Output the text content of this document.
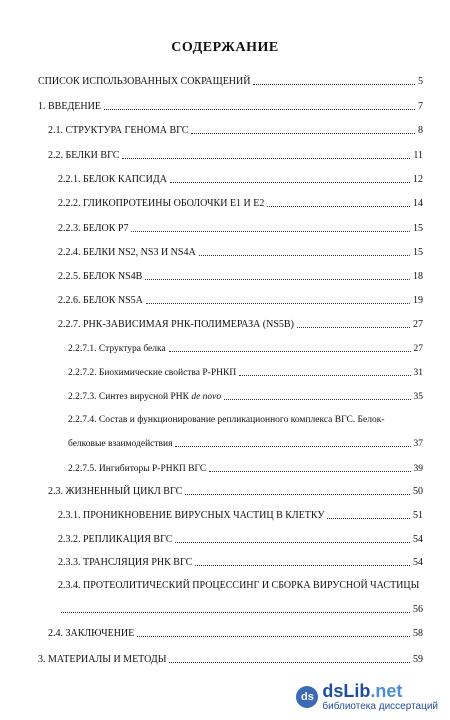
СОДЕРЖАНИЕ
СПИСОК ИСПОЛЬЗОВАННЫХ СОКРАЩЕНИЙ	5
1. ВВЕДЕНИЕ	7
2.1. СТРУКТУРА ГЕНОМА ВГС	8
2.2. БЕЛКИ ВГС	11
2.2.1. БЕЛОК КАПСИДА	12
2.2.2. ГЛИКОПРОТЕИНЫ ОБОЛОЧКИ Е1 И Е2	14
2.2.3. БЕЛОК Р7	15
2.2.4. БЕЛКИ NS2, NS3 И NS4A	15
2.2.5. БЕЛОК NS4B	18
2.2.6. БЕЛОК NS5A	19
2.2.7. РНК-ЗАВИСИМАЯ РНК-ПОЛИМЕРАЗА (NS5B)	27
2.2.7.1. Структура белка	27
2.2.7.2. Биохимические свойства Р-РНКП	31
2.2.7.3. Синтез вирусной РНК de novo	35
2.2.7.4. Состав и функционирование репликационного комплекса ВГС. Белок-
белковые взаимодействия	37
2.2.7.5. Ингибиторы Р-РНКП ВГС	39
2.3. ЖИЗНЕННЫЙ ЦИКЛ ВГС	50
2.3.1. ПРОНИКНОВЕНИЕ ВИРУСНЫХ ЧАСТИЦ В КЛЕТКУ	51
2.3.2. РЕПЛИКАЦИЯ ВГС	54
2.3.3. ТРАНСЛЯЦИЯ РНК ВГС	54
2.3.4. ПРОТЕОЛИТИЧЕСКИЙ ПРОЦЕССИНГ И СБОРКА ВИРУСНОЙ ЧАСТИЦЫ
56
2.4. ЗАКЛЮЧЕНИЕ	58
3. МАТЕРИАЛЫ И МЕТОДЫ	59
ds dsLib.net
библиотека диссертаций
